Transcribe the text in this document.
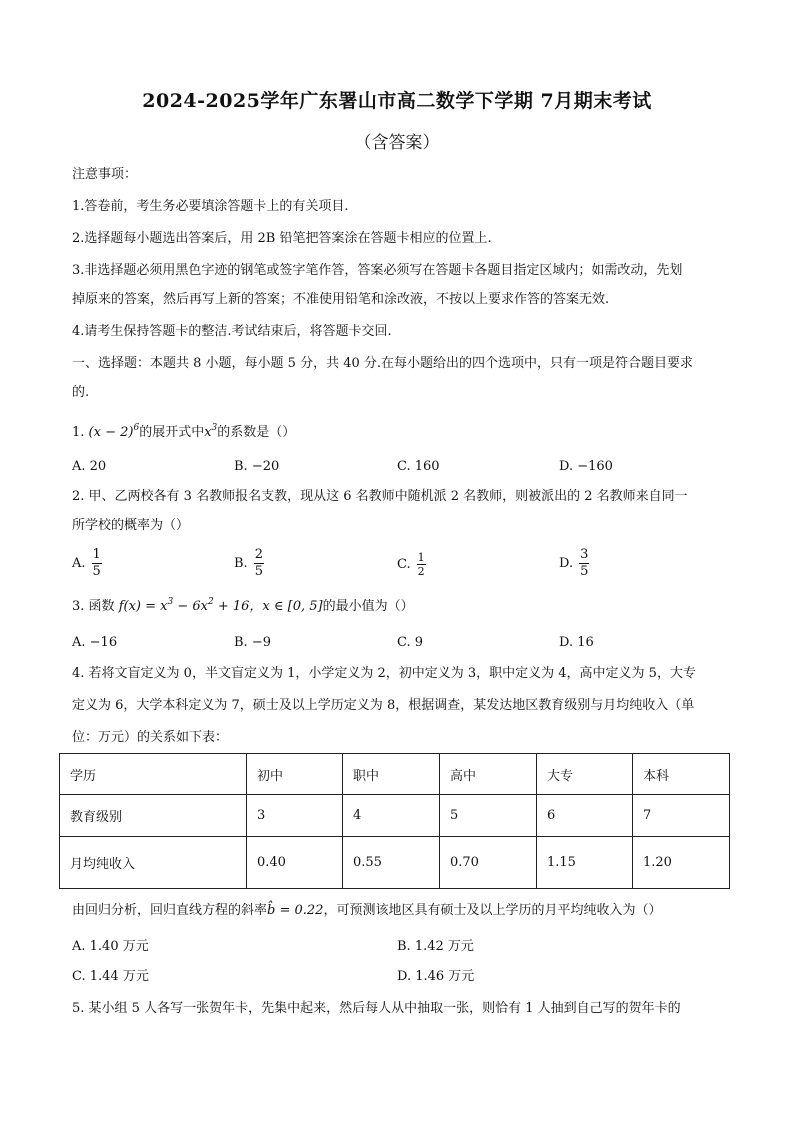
2024-2025学年广东署山市高二数学下学期 7月期末考试
（含答案）
注意事项：
1.答卷前，考生务必要填涂答题卡上的有关项目.
2.选择题每小题选出答案后，用 2B 铅笔把答案涂在答题卡相应的位置上.
3.非选择题必须用黑色字迹的钢笔或签字笔作答，答案必须写在答题卡各题目指定区域内；如需改动，先划
掉原来的答案，然后再写上新的答案；不准使用铅笔和涂改液，不按以上要求作答的答案无效.
4.请考生保持答题卡的整洁.考试结束后，将答题卡交回.
一、选择题：本题共 8 小题，每小题 5 分，共 40 分.在每小题给出的四个选项中，只有一项是符合题目要求
的.
1. $(x - 2)^6$的展开式中$x^3$的系数是（）
A. 20	B. −20	C. 160	D. −160
2. 甲、乙两校各有 3 名教师报名支教，现从这 6 名教师中随机派 2 名教师，则被派出的 2 名教师来自同一
所学校的概率为（）
A. $\frac{1}{5}$	B. $\frac{2}{5}$	C. $\frac{1}{2}$	D. $\frac{3}{5}$
3. 函数 $f(x) = x^3 - 6x^2 + 16$，x ∈ [0, 5]的最小值为（）
A. −16	B. −9	C. 9	D. 16
4. 若将文盲定义为 0，半文盲定义为 1，小学定义为 2，初中定义为 3，职中定义为 4，高中定义为 5，大专
定义为 6，大学本科定义为 7，硕士及以上学历定义为 8，根据调查，某发达地区教育级别与月均纯收入（单
位：万元）的关系如下表：
学历	初中	职中	高中	大专	本科
教育级别	3	4	5	6	7
月均纯收入	0.40	0.55	0.70	1.15	1.20
由回归分析，回归直线方程的斜率b̂ = 0.22，可预测该地区具有硕士及以上学历的月平均纯收入为（）
A. 1.40 万元	B. 1.42 万元
C. 1.44 万元	D. 1.46 万元
5. 某小组 5 人各写一张贺年卡，先集中起来，然后每人从中抽取一张，则恰有 1 人抽到自己写的贺年卡的
